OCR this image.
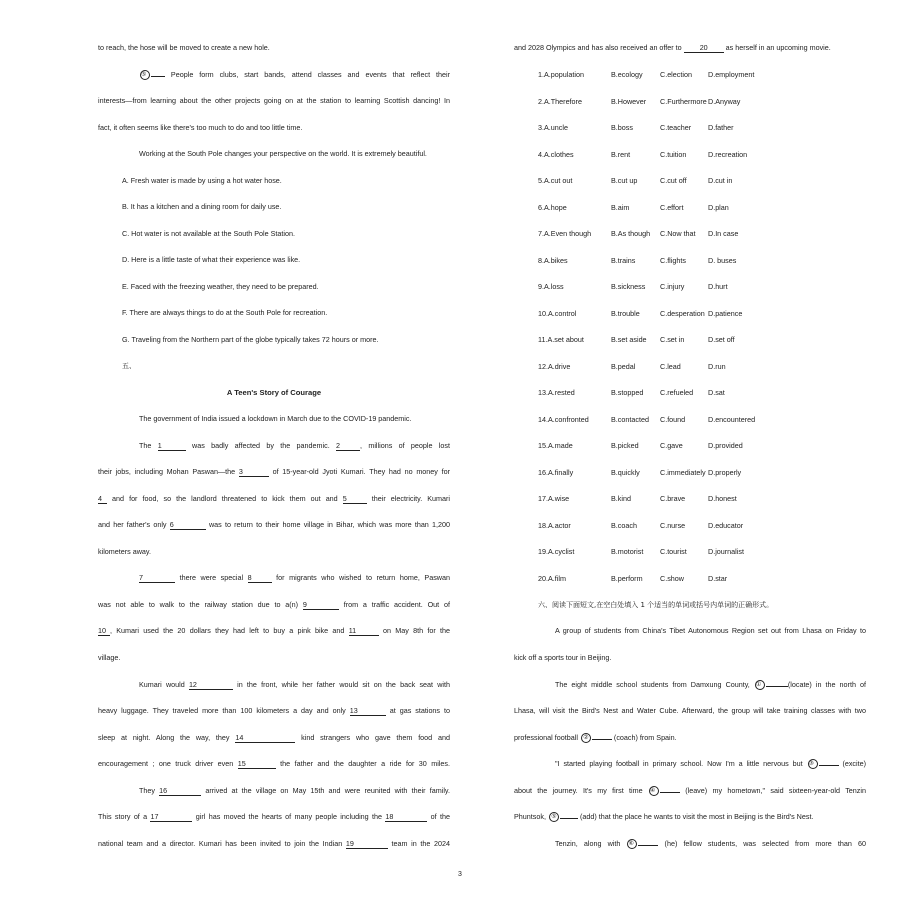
to reach, the hose will be moved to create a new hole.
⑤	People form clubs, start bands, attend classes and events that reflect their
interests—from learning about the other projects going on at the station to learning Scottish dancing! In
fact, it often seems like there's too much to do and too little time.
Working at the South Pole changes your perspective on the world. It is extremely beautiful.
A. Fresh water is made by using a hot water hose.
B. It has a kitchen and a dining room for daily use.
C. Hot water is not available at the South Pole Station.
D. Here is a little taste of what their experience was like.
E. Faced with the freezing weather, they need to be prepared.
F. There are always things to do at the South Pole for recreation.
G. Traveling from the Northern part of the globe typically takes 72 hours or more.
五、
A Teen's Story of Courage
The government of India issued a lockdown in March due to the COVID-19 pandemic.
The 1	was badly affected by the pandemic. 2	, millions of people lost
their jobs, including Mohan Paswan—the 3	of 15-year-old Jyoti Kumari. They had no money for
4 and for food, so the landlord threatened to kick them out and 5	their electricity. Kumari
and her father's only 6	was to return to their home village in Bihar, which was more than 1,200
kilometers away.
7	there were special 8	for migrants who wished to return home, Paswan
was not able to walk to the railway station due to a(n) 9	from a traffic accident. Out of
10 , Kumari used the 20 dollars they had left to buy a pink bike and 11	on May 8th for the
village.
Kumari would 12	in the front, while her father would sit on the back seat with
heavy luggage. They traveled more than 100 kilometers a day and only 13	at gas stations to
sleep at night. Along the way, they 14	kind strangers who gave them food and
encouragement ; one truck driver even 15	the father and the daughter a ride for 30 miles.
They 16	arrived at the village on May 15th and were reunited with their family.
This story of a 17	girl has moved the hearts of many people including the 18	of the
national team and a director. Kumari has been invited to join the Indian 19	team in the 2024
and 2028 Olympics and has also received an offer to 20 as herself in an upcoming movie.
1.A.population	B.ecology C.election D.employment
2.A.Therefore	B.However C.Furthermore D.Anyway
3.A.uncle	B.boss	C.teacher D.father
4.A.clothes	B.rent	C.tuition	D.recreation
5.A.cut out	B.cut up	C.cut off	D.cut in
6.A.hope	B.aim	C.effort	D.plan
7.A.Even though	B.As though C.Now that D.In case
8.A.bikes	B.trains	C.flights	D. buses
9.A.loss	B.sickness C.injury	D.hurt
10.A.control	B.trouble	C.desperation D.patience
11.A.set about	B.set aside C.set in	D.set off
12.A.drive	B.pedal	C.lead	D.run
13.A.rested	B.stopped C.refueled D.sat
14.A.confronted	B.contacted C.found	D.encountered
15.A.made	B.picked	C.gave	D.provided
16.A.finally	B.quickly	C.immediately D.properly
17.A.wise	B.kind	C.brave	D.honest
18.A.actor	B.coach	C.nurse	D.educator
19.A.cyclist	B.motorist C.tourist	D.journalist
20.A.film	B.perform C.show	D.star
六、阅读下面短文,在空白处填入 1 个适当的单词或括号内单词的正确形式。
A group of students from China's Tibet Autonomous Region set out from Lhasa on Friday to
kick off a sports tour in Beijing.
The eight middle school students from Damxung County, ①	(locate) in the north of
Lhasa, will visit the Bird's Nest and Water Cube. Afterward, the group will take training classes with two
professional football ②	(coach) from Spain.
"I started playing football in primary school. Now I'm a little nervous but ③	(excite)
about the journey. It's my first time ④	(leave) my hometown," said sixteen-year-old Tenzin
Phuntsok, ⑤	(add) that the place he wants to visit the most in Beijing is the Bird's Nest.
Tenzin, along with ⑥	(he) fellow students, was selected from more than 60
3
